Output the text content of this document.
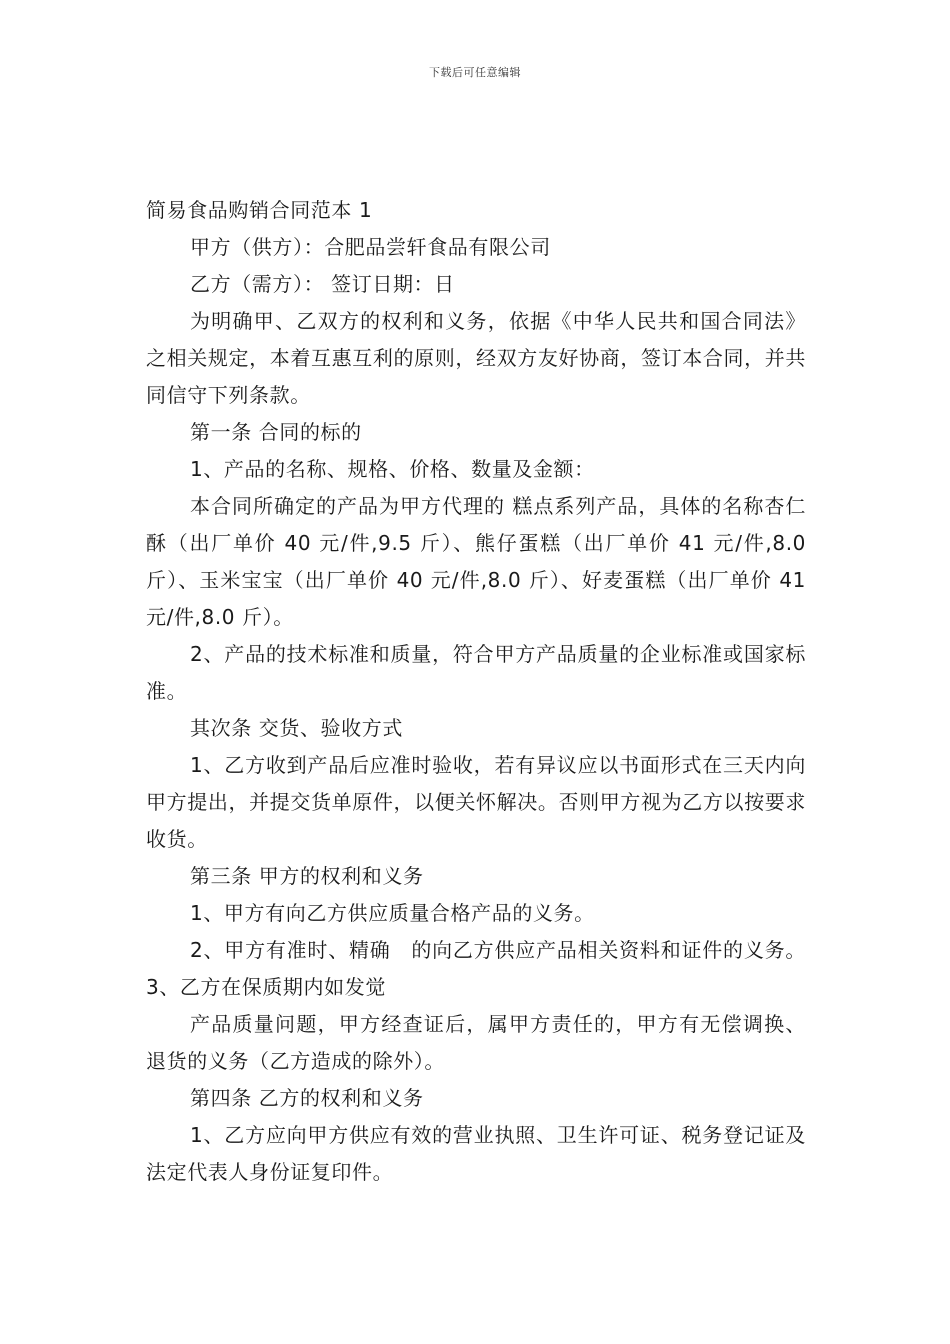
下载后可任意编辑
简易食品购销合同范本 1

甲方（供方）：合肥品尝轩食品有限公司

乙方（需方）： 签订日期：日

为明确甲、乙双方的权利和义务，依据《中华人民共和国合同法》之相关规定，本着互惠互利的原则，经双方友好协商，签订本合同，并共同信守下列条款。

第一条 合同的标的

1、产品的名称、规格、价格、数量及金额：

本合同所确定的产品为甲方代理的 糕点系列产品，具体的名称杏仁酥（出厂单价 40 元/件,9.5 斤）、熊仔蛋糕（出厂单价 41 元/件,8.0 斤）、玉米宝宝（出厂单价 40 元/件,8.0 斤）、好麦蛋糕（出厂单价 41 元/件,8.0 斤）。

2、产品的技术标准和质量，符合甲方产品质量的企业标准或国家标准。

其次条 交货、验收方式

1、乙方收到产品后应准时验收，若有异议应以书面形式在三天内向甲方提出，并提交货单原件，以便关怀解决。否则甲方视为乙方以按要求收货。

第三条 甲方的权利和义务

1、甲方有向乙方供应质量合格产品的义务。

2、甲方有准时、精确　的向乙方供应产品相关资料和证件的义务。3、乙方在保质期内如发觉

产品质量问题，甲方经查证后，属甲方责任的，甲方有无偿调换、退货的义务（乙方造成的除外）。

第四条 乙方的权利和义务

1、乙方应向甲方供应有效的营业执照、卫生许可证、税务登记证及法定代表人身份证复印件。
